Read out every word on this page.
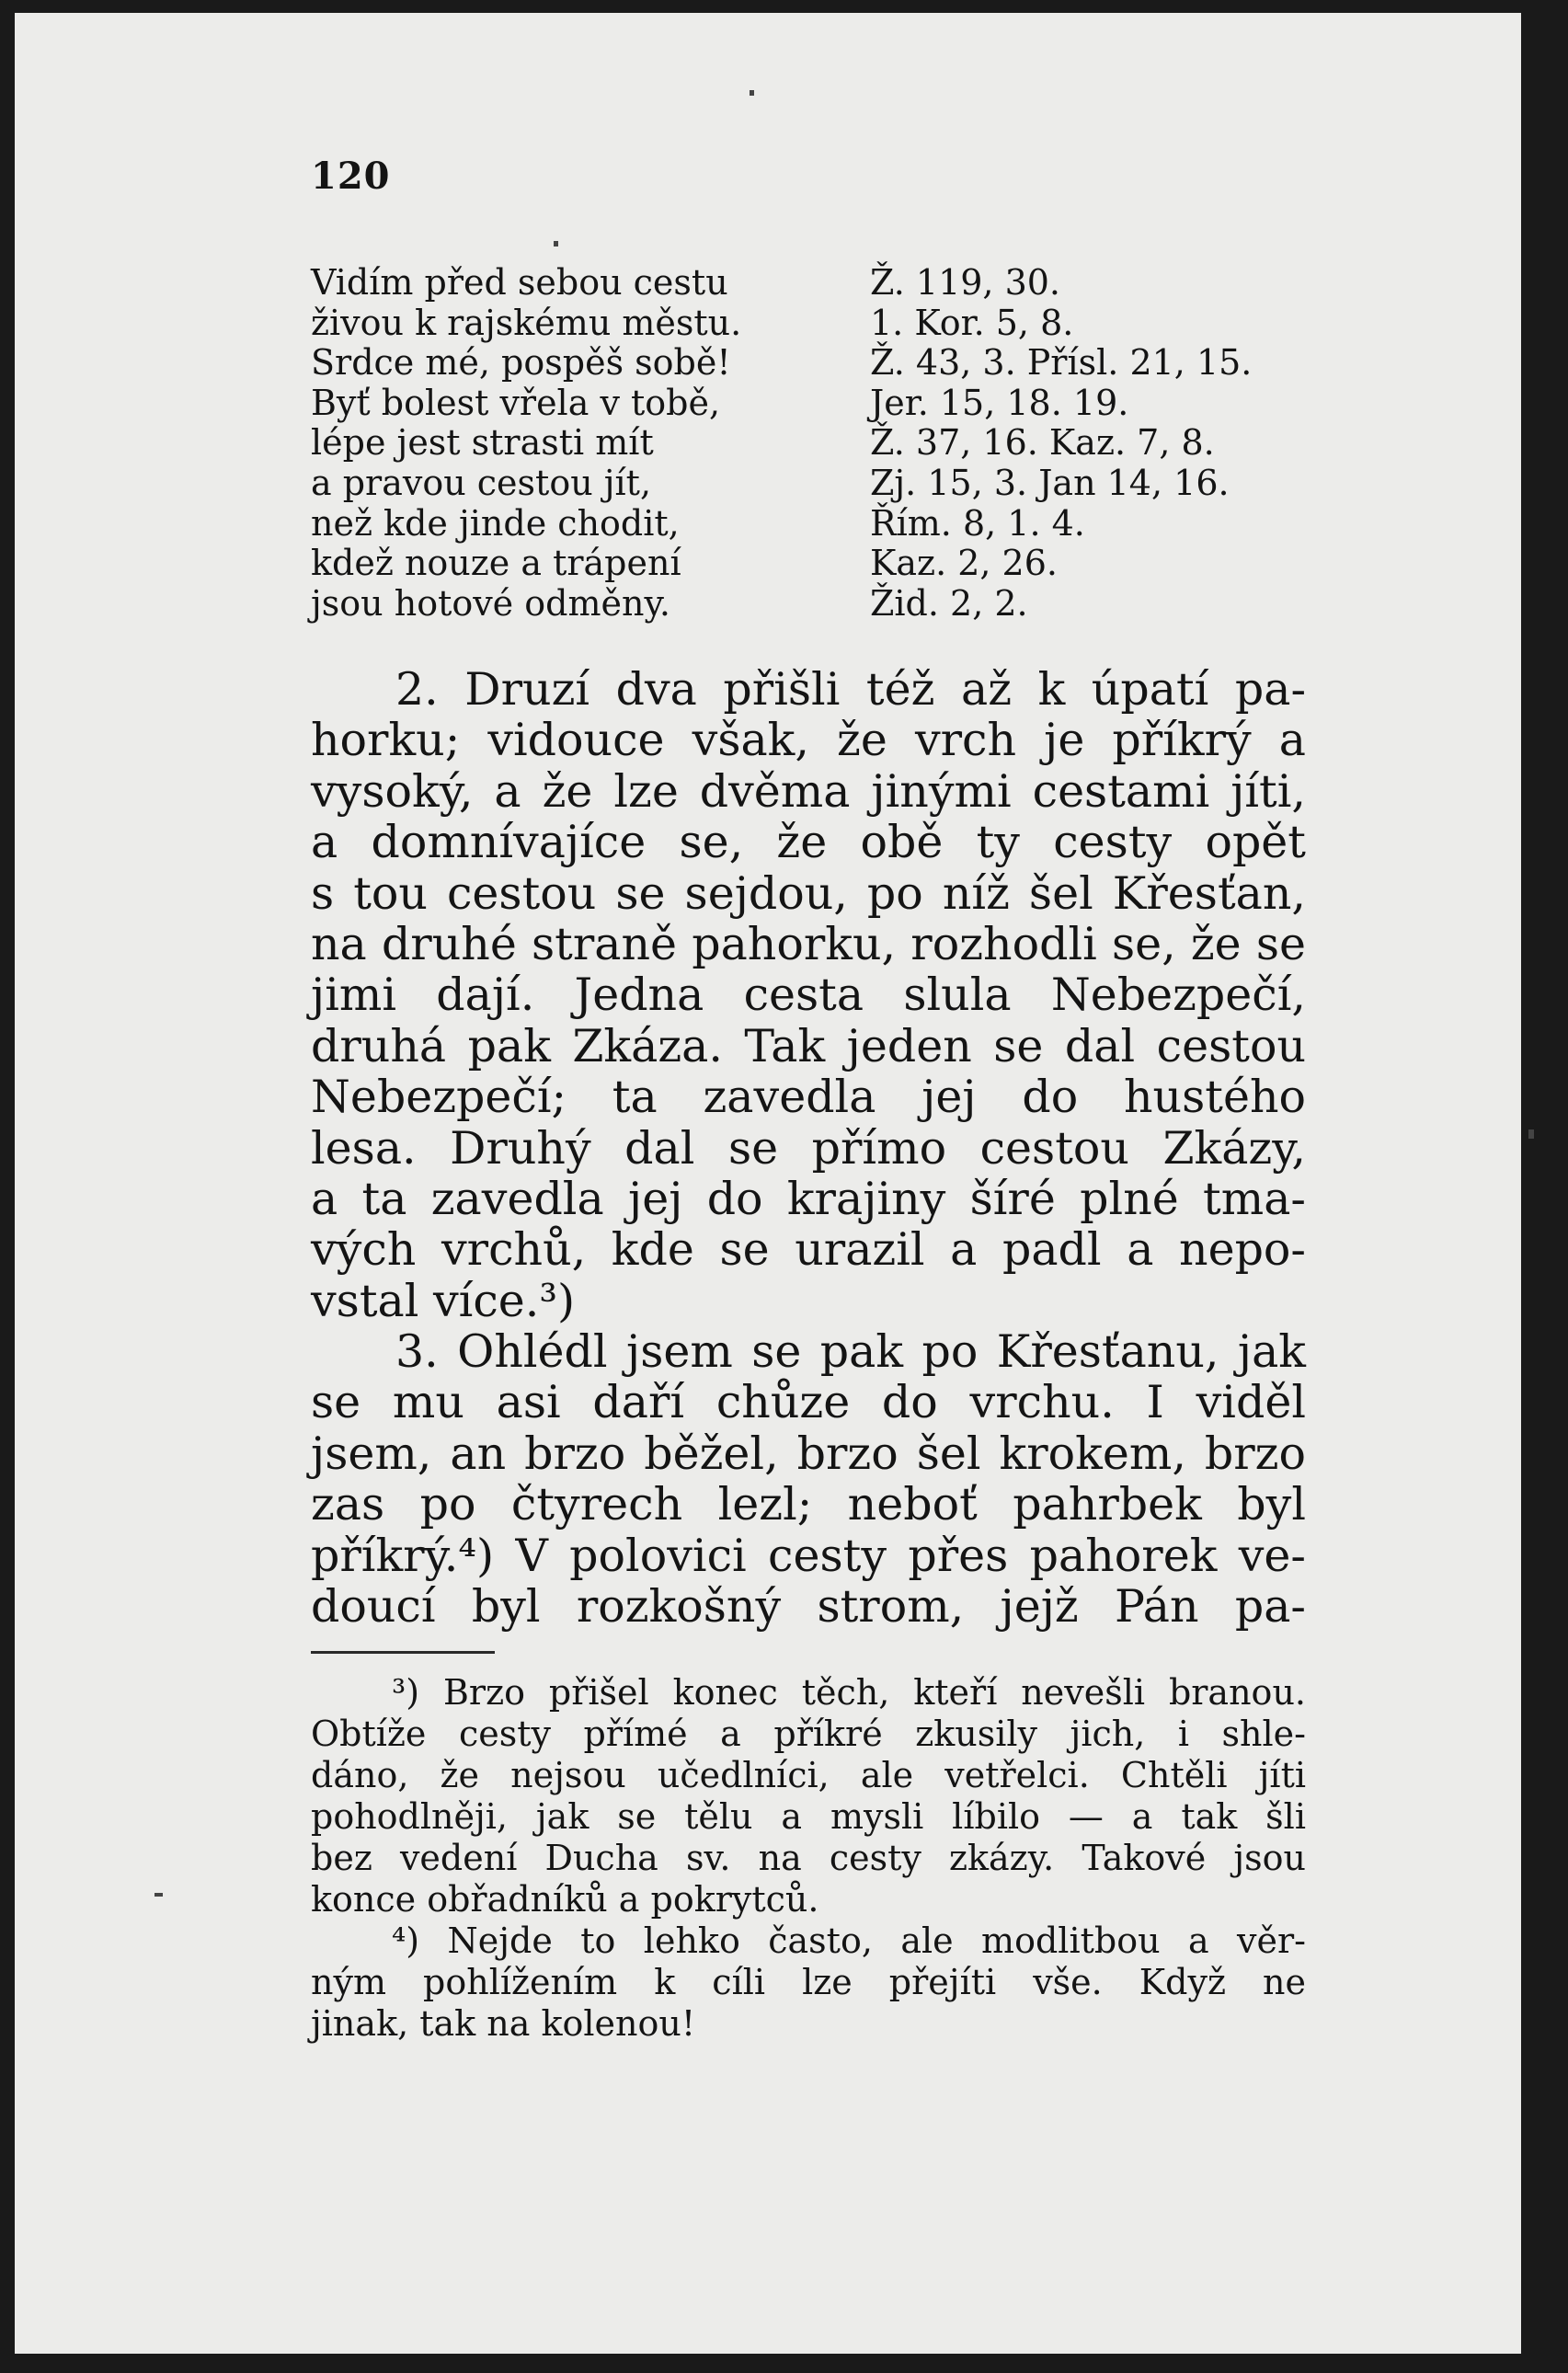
120
Vidím před sebou cestu	Ž. 119, 30.
živou k rajskému městu.	1. Kor. 5, 8.
Srdce mé, pospěš sobě!	Ž. 43, 3. Přísl. 21, 15.
Byť bolest vřela v tobě,	Jer. 15, 18. 19.
lépe jest strasti mít	Ž. 37, 16. Kaz. 7, 8.
a pravou cestou jít,	Zj. 15, 3. Jan 14, 16.
než kde jinde chodit,	Řím. 8, 1. 4.
kdež nouze a trápení	Kaz. 2, 26.
jsou hotové odměny.	Žid. 2, 2.
2. Druzí dva přišli též až k úpatí pa-
horku; vidouce však, že vrch je příkrý a
vysoký, a že lze dvěma jinými cestami jíti,
a domnívajíce se, že obě ty cesty opět
s tou cestou se sejdou, po níž šel Křesťan,
na druhé straně pahorku, rozhodli se, že se
jimi dají. Jedna cesta slula Nebezpečí,
druhá pak Zkáza. Tak jeden se dal cestou
Nebezpečí; ta zavedla jej do hustého
lesa. Druhý dal se přímo cestou Zkázy,
a ta zavedla jej do krajiny šíré plné tma-
vých vrchů, kde se urazil a padl a nepo-
vstal více.³)
3. Ohlédl jsem se pak po Křesťanu, jak
se mu asi daří chůze do vrchu. I viděl
jsem, an brzo běžel, brzo šel krokem, brzo
zas po čtyrech lezl; neboť pahrbek byl
příkrý.⁴) V polovici cesty přes pahorek ve-
doucí byl rozkošný strom, jejž Pán pa-
³) Brzo přišel konec těch, kteří nevešli branou.
Obtíže cesty přímé a příkré zkusily jich, i shle-
dáno, že nejsou učedlníci, ale vetřelci. Chtěli jíti
pohodlněji, jak se tělu a mysli líbilo — a tak šli
bez vedení Ducha sv. na cesty zkázy. Takové jsou
konce obřadníků a pokrytců.
⁴) Nejde to lehko často, ale modlitbou a věr-
ným pohlížením k cíli lze přejíti vše. Když ne
jinak, tak na kolenou!
